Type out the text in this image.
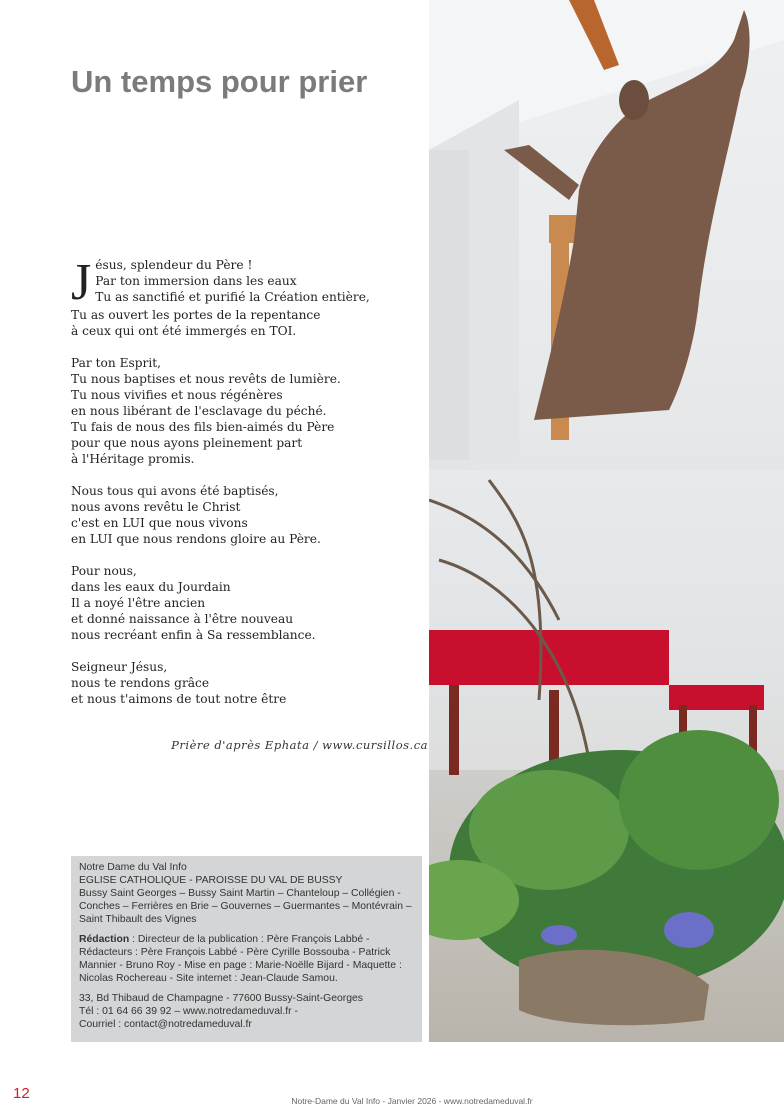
Un temps pour prier

J ésus, splendeur du Père !
Par ton immersion dans les eaux
Tu as sanctifié et purifié la Création entière,
Tu as ouvert les portes de la repentance
à ceux qui ont été immergés en TOI.

Par ton Esprit,
Tu nous baptises et nous revêts de lumière.
Tu nous vivifies et nous régénères
en nous libérant de l'esclavage du péché.
Tu fais de nous des fils bien-aimés du Père
pour que nous ayons pleinement part
à l'Héritage promis.

Nous tous qui avons été baptisés,
nous avons revêtu le Christ
c'est en LUI que nous vivons
en LUI que nous rendons gloire au Père.

Pour nous,
dans les eaux du Jourdain
Il a noyé l'être ancien
et donné naissance à l'être nouveau
nous recréant enfin à Sa ressemblance.

Seigneur Jésus,
nous te rendons grâce
et nous t'aimons de tout notre être

Prière d'après Ephata / www.cursillos.ca

Notre Dame du Val Info
EGLISE CATHOLIQUE - PAROISSE DU VAL DE BUSSY
Bussy Saint Georges – Bussy Saint Martin – Chanteloup – Collégien - Conches – Ferrières en Brie – Gouvernes – Guermantes – Montévrain – Saint Thibault des Vignes

Rédaction : Directeur de la publication : Père François Labbé - Rédacteurs : Père François Labbé - Père Cyrille Bossouba - Patrick Mannier - Bruno Roy - Mise en page : Marie-Noëlle Bijard - Maquette : Nicolas Rochereau - Site internet : Jean-Claude Samou.

33, Bd Thibaud de Champagne - 77600 Bussy-Saint-Georges
Tél : 01 64 66 39 92 – www.notredameduval.fr -
Courriel : contact@notredameduval.fr

12	Notre-Dame du Val Info - Janvier 2026 - www.notredameduval.fr
